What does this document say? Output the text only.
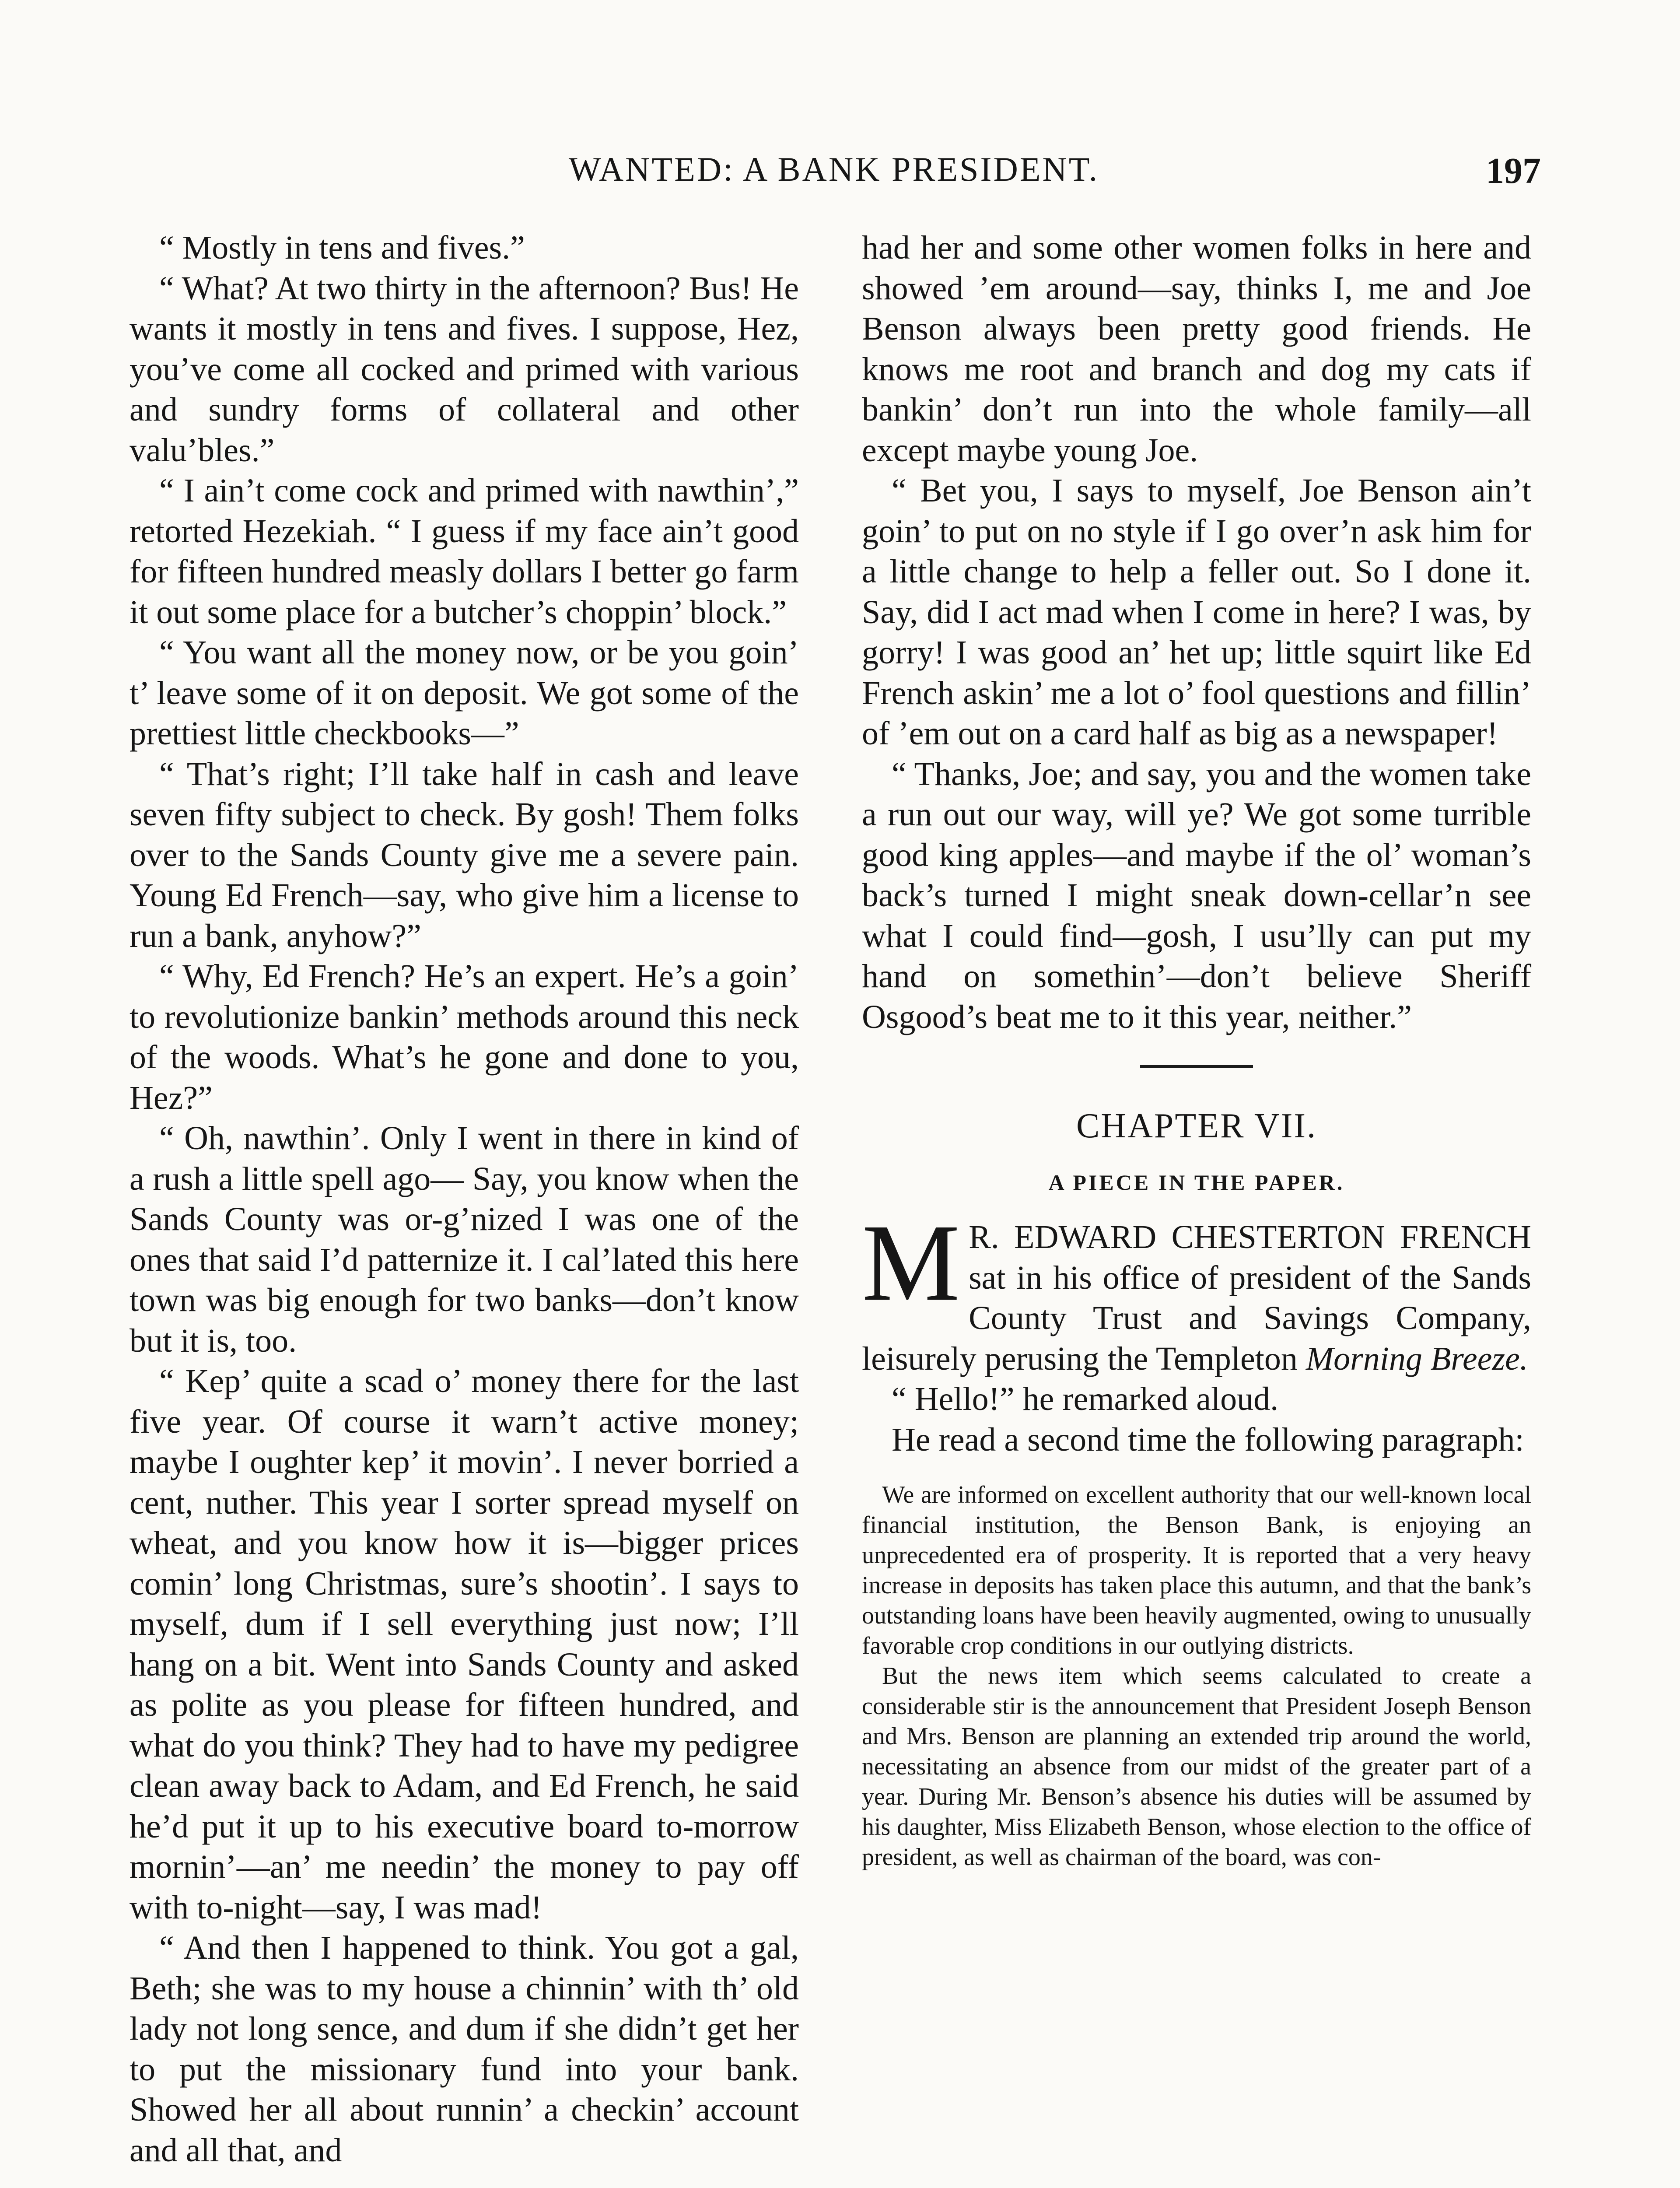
WANTED: A BANK PRESIDENT.	197

“ Mostly in tens and fives.”

“ What? At two thirty in the afternoon? Bus! He wants it mostly in tens and fives. I suppose, Hez, you’ve come all cocked and primed with various and sundry forms of collateral and other valu’bles.”

“ I ain’t come cock and primed with nawthin’,” retorted Hezekiah. “ I guess if my face ain’t good for fifteen hundred measly dollars I better go farm it out some place for a butcher’s choppin’ block.”

“ You want all the money now, or be you goin’ t’ leave some of it on deposit. We got some of the prettiest little checkbooks—”

“ That’s right; I’ll take half in cash and leave seven fifty subject to check. By gosh! Them folks over to the Sands County give me a severe pain. Young Ed French—say, who give him a license to run a bank, anyhow?”

“ Why, Ed French? He’s an expert. He’s a goin’ to revolutionize bankin’ methods around this neck of the woods. What’s he gone and done to you, Hez?”

“ Oh, nawthin’. Only I went in there in kind of a rush a little spell ago— Say, you know when the Sands County was or-g’nized I was one of the ones that said I’d patternize it. I cal’lated this here town was big enough for two banks—don’t know but it is, too.

“ Kep’ quite a scad o’ money there for the last five year. Of course it warn’t active money; maybe I oughter kep’ it movin’. I never borried a cent, nuther. This year I sorter spread myself on wheat, and you know how it is—bigger prices comin’ long Christmas, sure’s shootin’. I says to myself, dum if I sell everything just now; I’ll hang on a bit. Went into Sands County and asked as polite as you please for fifteen hundred, and what do you think? They had to have my pedigree clean away back to Adam, and Ed French, he said he’d put it up to his executive board to-morrow mornin’—an’ me needin’ the money to pay off with to-night—say, I was mad!

“ And then I happened to think. You got a gal, Beth; she was to my house a chinnin’ with th’ old lady not long sence, and dum if she didn’t get her to put the missionary fund into your bank. Showed her all about runnin’ a checkin’ account and all that, and

had her and some other women folks in here and showed ’em around—say, thinks I, me and Joe Benson always been pretty good friends. He knows me root and branch and dog my cats if bankin’ don’t run into the whole family—all except maybe young Joe.

“ Bet you, I says to myself, Joe Benson ain’t goin’ to put on no style if I go over’n ask him for a little change to help a feller out. So I done it. Say, did I act mad when I come in here? I was, by gorry! I was good an’ het up; little squirt like Ed French askin’ me a lot o’ fool questions and fillin’ of ’em out on a card half as big as a newspaper!

“ Thanks, Joe; and say, you and the women take a run out our way, will ye? We got some turrible good king apples—and maybe if the ol’ woman’s back’s turned I might sneak down-cellar’n see what I could find—gosh, I usu’lly can put my hand on somethin’—don’t believe Sheriff Osgood’s beat me to it this year, neither.”

CHAPTER VII.
A PIECE IN THE PAPER.

M R. EDWARD CHESTERTON FRENCH sat in his office of president of the Sands County Trust and Savings Company, leisurely perusing the Templeton Morning Breeze.

“ Hello!” he remarked aloud.

He read a second time the following paragraph:

We are informed on excellent authority that our well-known local financial institution, the Benson Bank, is enjoying an unprecedented era of prosperity. It is reported that a very heavy increase in deposits has taken place this autumn, and that the bank’s outstanding loans have been heavily augmented, owing to unusually favorable crop conditions in our outlying districts.

But the news item which seems calculated to create a considerable stir is the announcement that President Joseph Benson and Mrs. Benson are planning an extended trip around the world, necessitating an absence from our midst of the greater part of a year. During Mr. Benson’s absence his duties will be assumed by his daughter, Miss Elizabeth Benson, whose election to the office of president, as well as chairman of the board, was con-
